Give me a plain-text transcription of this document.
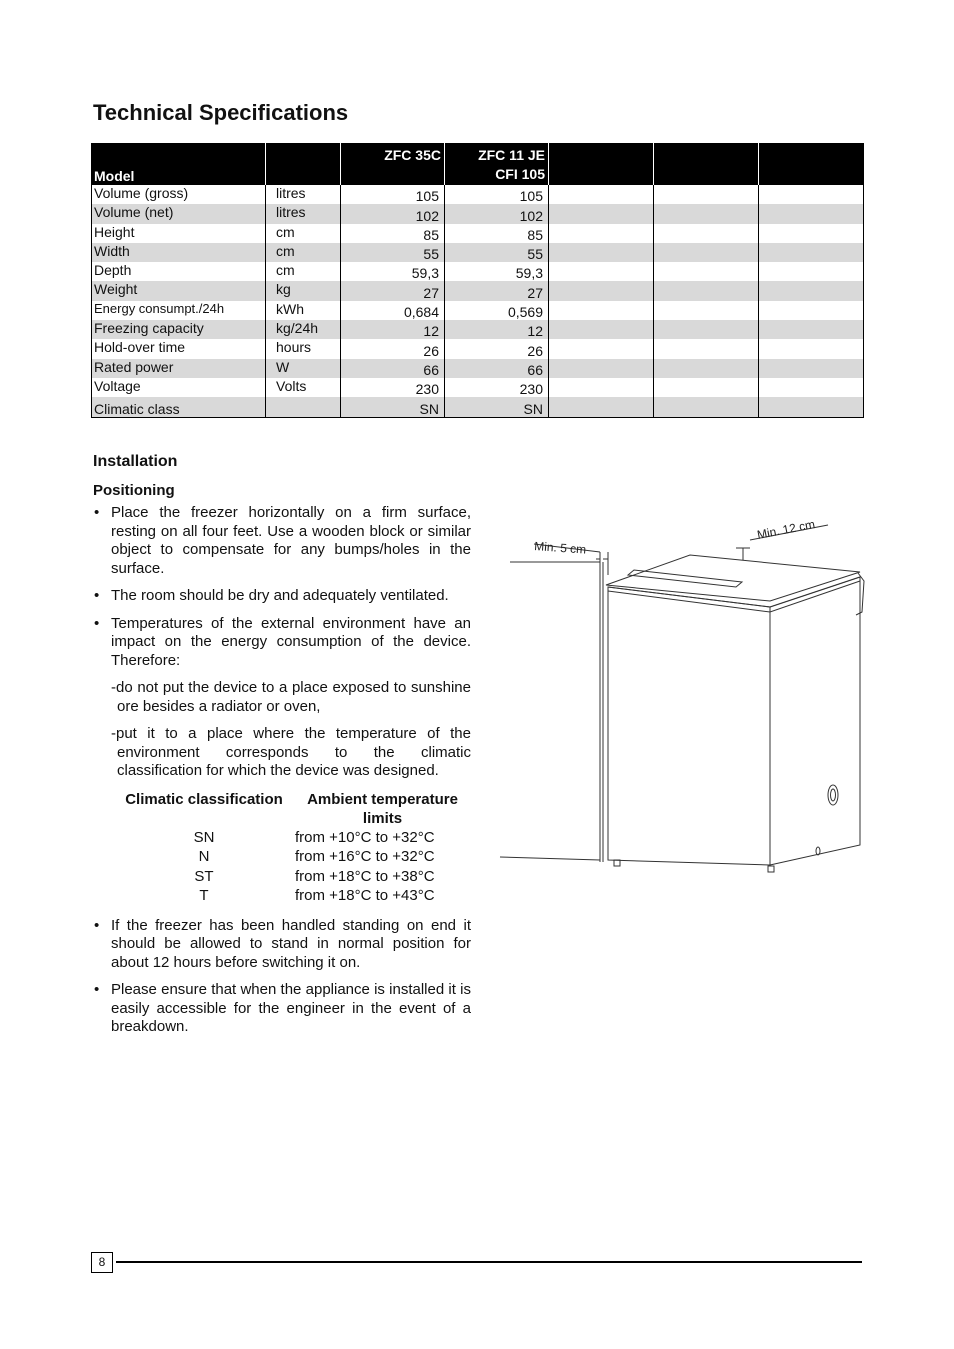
Technical Specifications
Model		ZFC 35C	ZFC 11 JE
CFI 105			
Volume (gross)	litres	105	105			
Volume (net)	litres	102	102			
Height	cm	85	85			
Width	cm	55	55			
Depth	cm	59,3	59,3			
Weight	kg	27	27			
Energy consumpt./24h	kWh	0,684	0,569			
Freezing capacity	kg/24h	12	12			
Hold-over time	hours	26	26			
Rated power	W	66	66			
Voltage	Volts	230	230			
Climatic class		SN	SN			
Installation
Positioning
• Place the freezer horizontally on a firm surface, resting on all four feet. Use a wooden block or similar object to compensate for any bumps/holes in the surface.
• The room should be dry and adequately ventilated.
• Temperatures of the external environment have an impact on the energy consumption of the device. Therefore:

-do not put the device to a place exposed to sunshine ore besides a radiator or oven,

-put it to a place where the temperature of the environment corresponds to the climatic classification for which the device was designed.

Climatic classification	Ambient temperature limits
SN	from +10°C to +32°C
N	from +16°C to +32°C
ST	from +18°C to +38°C
T	from +18°C to +43°C
• If the freezer has been handled standing on end it should be allowed to stand in normal position for about 12 hours before switching it on.
• Please ensure that when the appliance is installed it is easily accessible for the engineer in the event of a breakdown.
Min. 5 cm
Min. 12 cm
8
